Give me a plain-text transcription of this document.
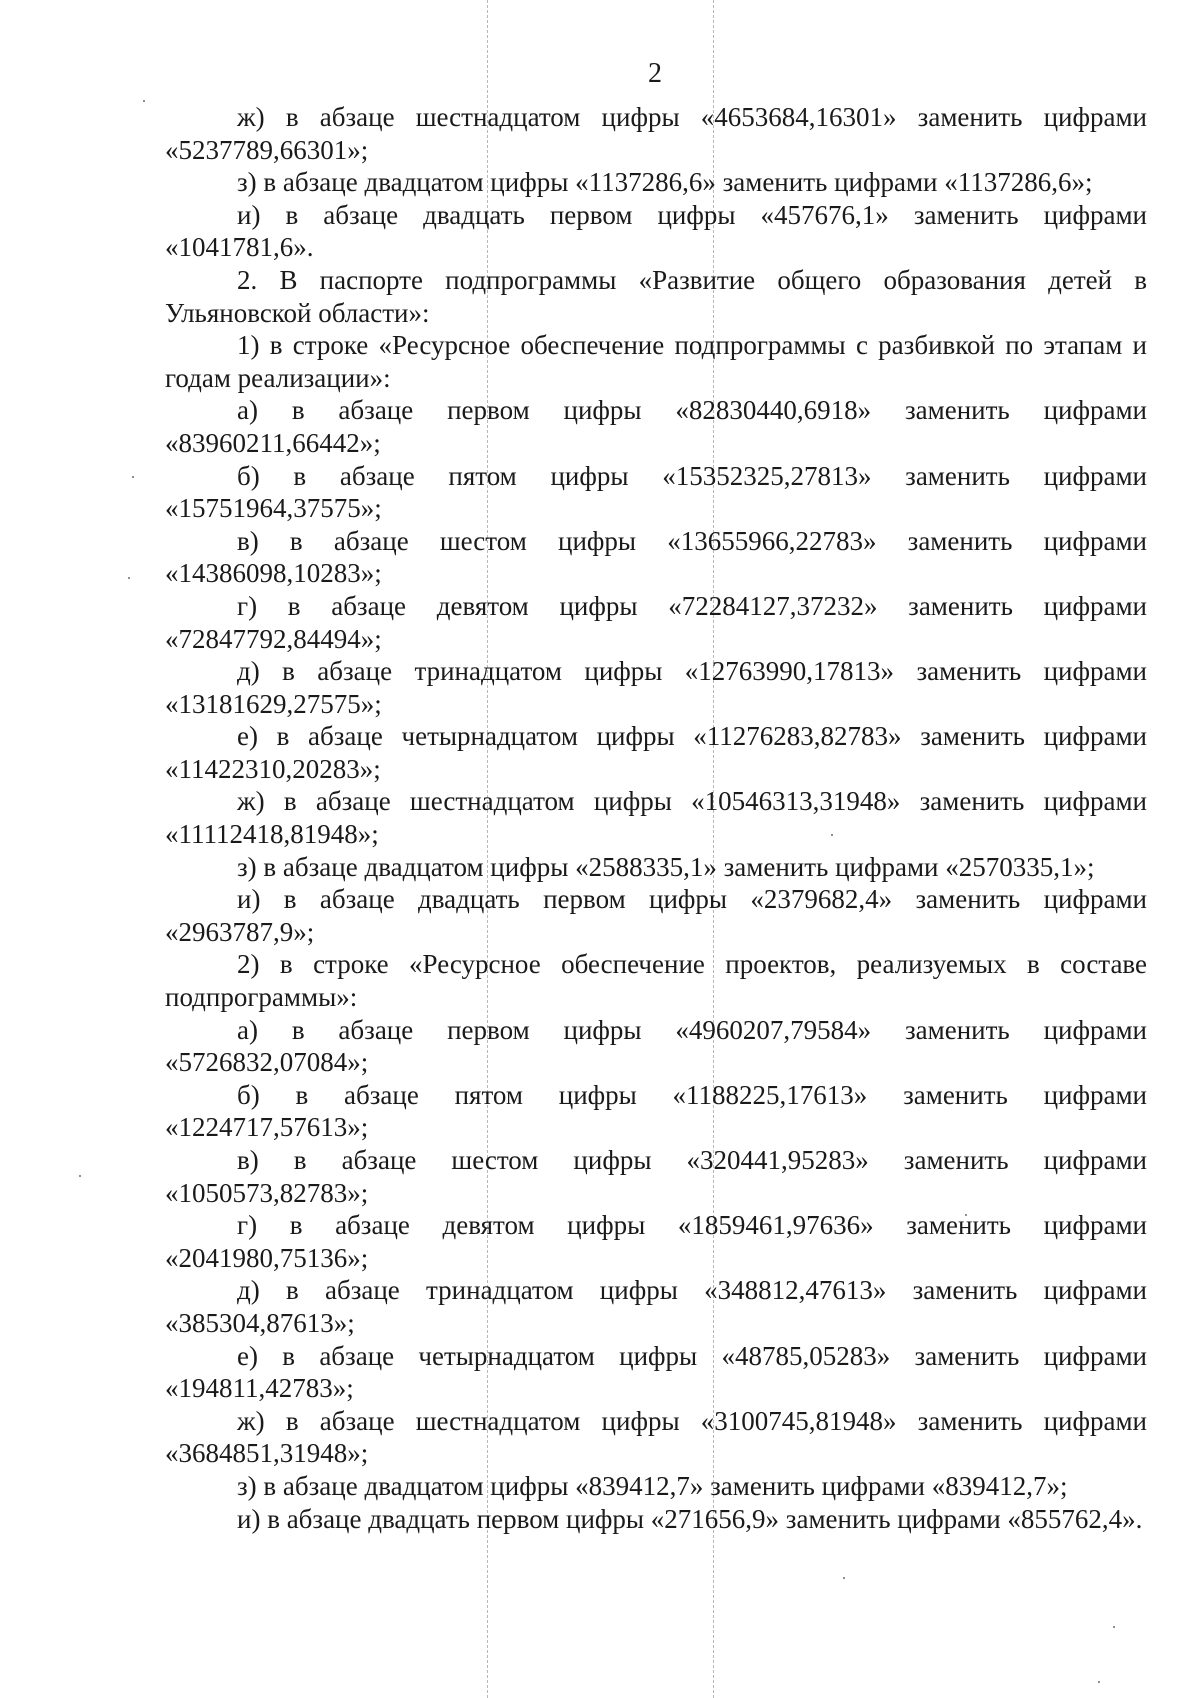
2

ж) в абзаце шестнадцатом цифры «4653684,16301» заменить цифрами «5237789,66301»;

з) в абзаце двадцатом цифры «1137286,6» заменить цифрами «1137286,6»;

и) в абзаце двадцать первом цифры «457676,1» заменить цифрами «1041781,6».

2. В паспорте подпрограммы «Развитие общего образования детей в Ульяновской области»:

1) в строке «Ресурсное обеспечение подпрограммы с разбивкой по этапам и годам реализации»:

а) в абзаце первом цифры «82830440,6918» заменить цифрами «83960211,66442»;

б) в абзаце пятом цифры «15352325,27813» заменить цифрами «15751964,37575»;

в) в абзаце шестом цифры «13655966,22783» заменить цифрами «14386098,10283»;

г) в абзаце девятом цифры «72284127,37232» заменить цифрами «72847792,84494»;

д) в абзаце тринадцатом цифры «12763990,17813» заменить цифрами «13181629,27575»;

е) в абзаце четырнадцатом цифры «11276283,82783» заменить цифрами «11422310,20283»;

ж) в абзаце шестнадцатом цифры «10546313,31948» заменить цифрами «11112418,81948»;

з) в абзаце двадцатом цифры «2588335,1» заменить цифрами «2570335,1»;

и) в абзаце двадцать первом цифры «2379682,4» заменить цифрами «2963787,9»;

2) в строке «Ресурсное обеспечение проектов, реализуемых в составе подпрограммы»:

а) в абзаце первом цифры «4960207,79584» заменить цифрами «5726832,07084»;

б) в абзаце пятом цифры «1188225,17613» заменить цифрами «1224717,57613»;

в) в абзаце шестом цифры «320441,95283» заменить цифрами «1050573,82783»;

г) в абзаце девятом цифры «1859461,97636» заменить цифрами «2041980,75136»;

д) в абзаце тринадцатом цифры «348812,47613» заменить цифрами «385304,87613»;

е) в абзаце четырнадцатом цифры «48785,05283» заменить цифрами «194811,42783»;

ж) в абзаце шестнадцатом цифры «3100745,81948» заменить цифрами «3684851,31948»;

з) в абзаце двадцатом цифры «839412,7» заменить цифрами «839412,7»;

и) в абзаце двадцать первом цифры «271656,9» заменить цифрами «855762,4».
